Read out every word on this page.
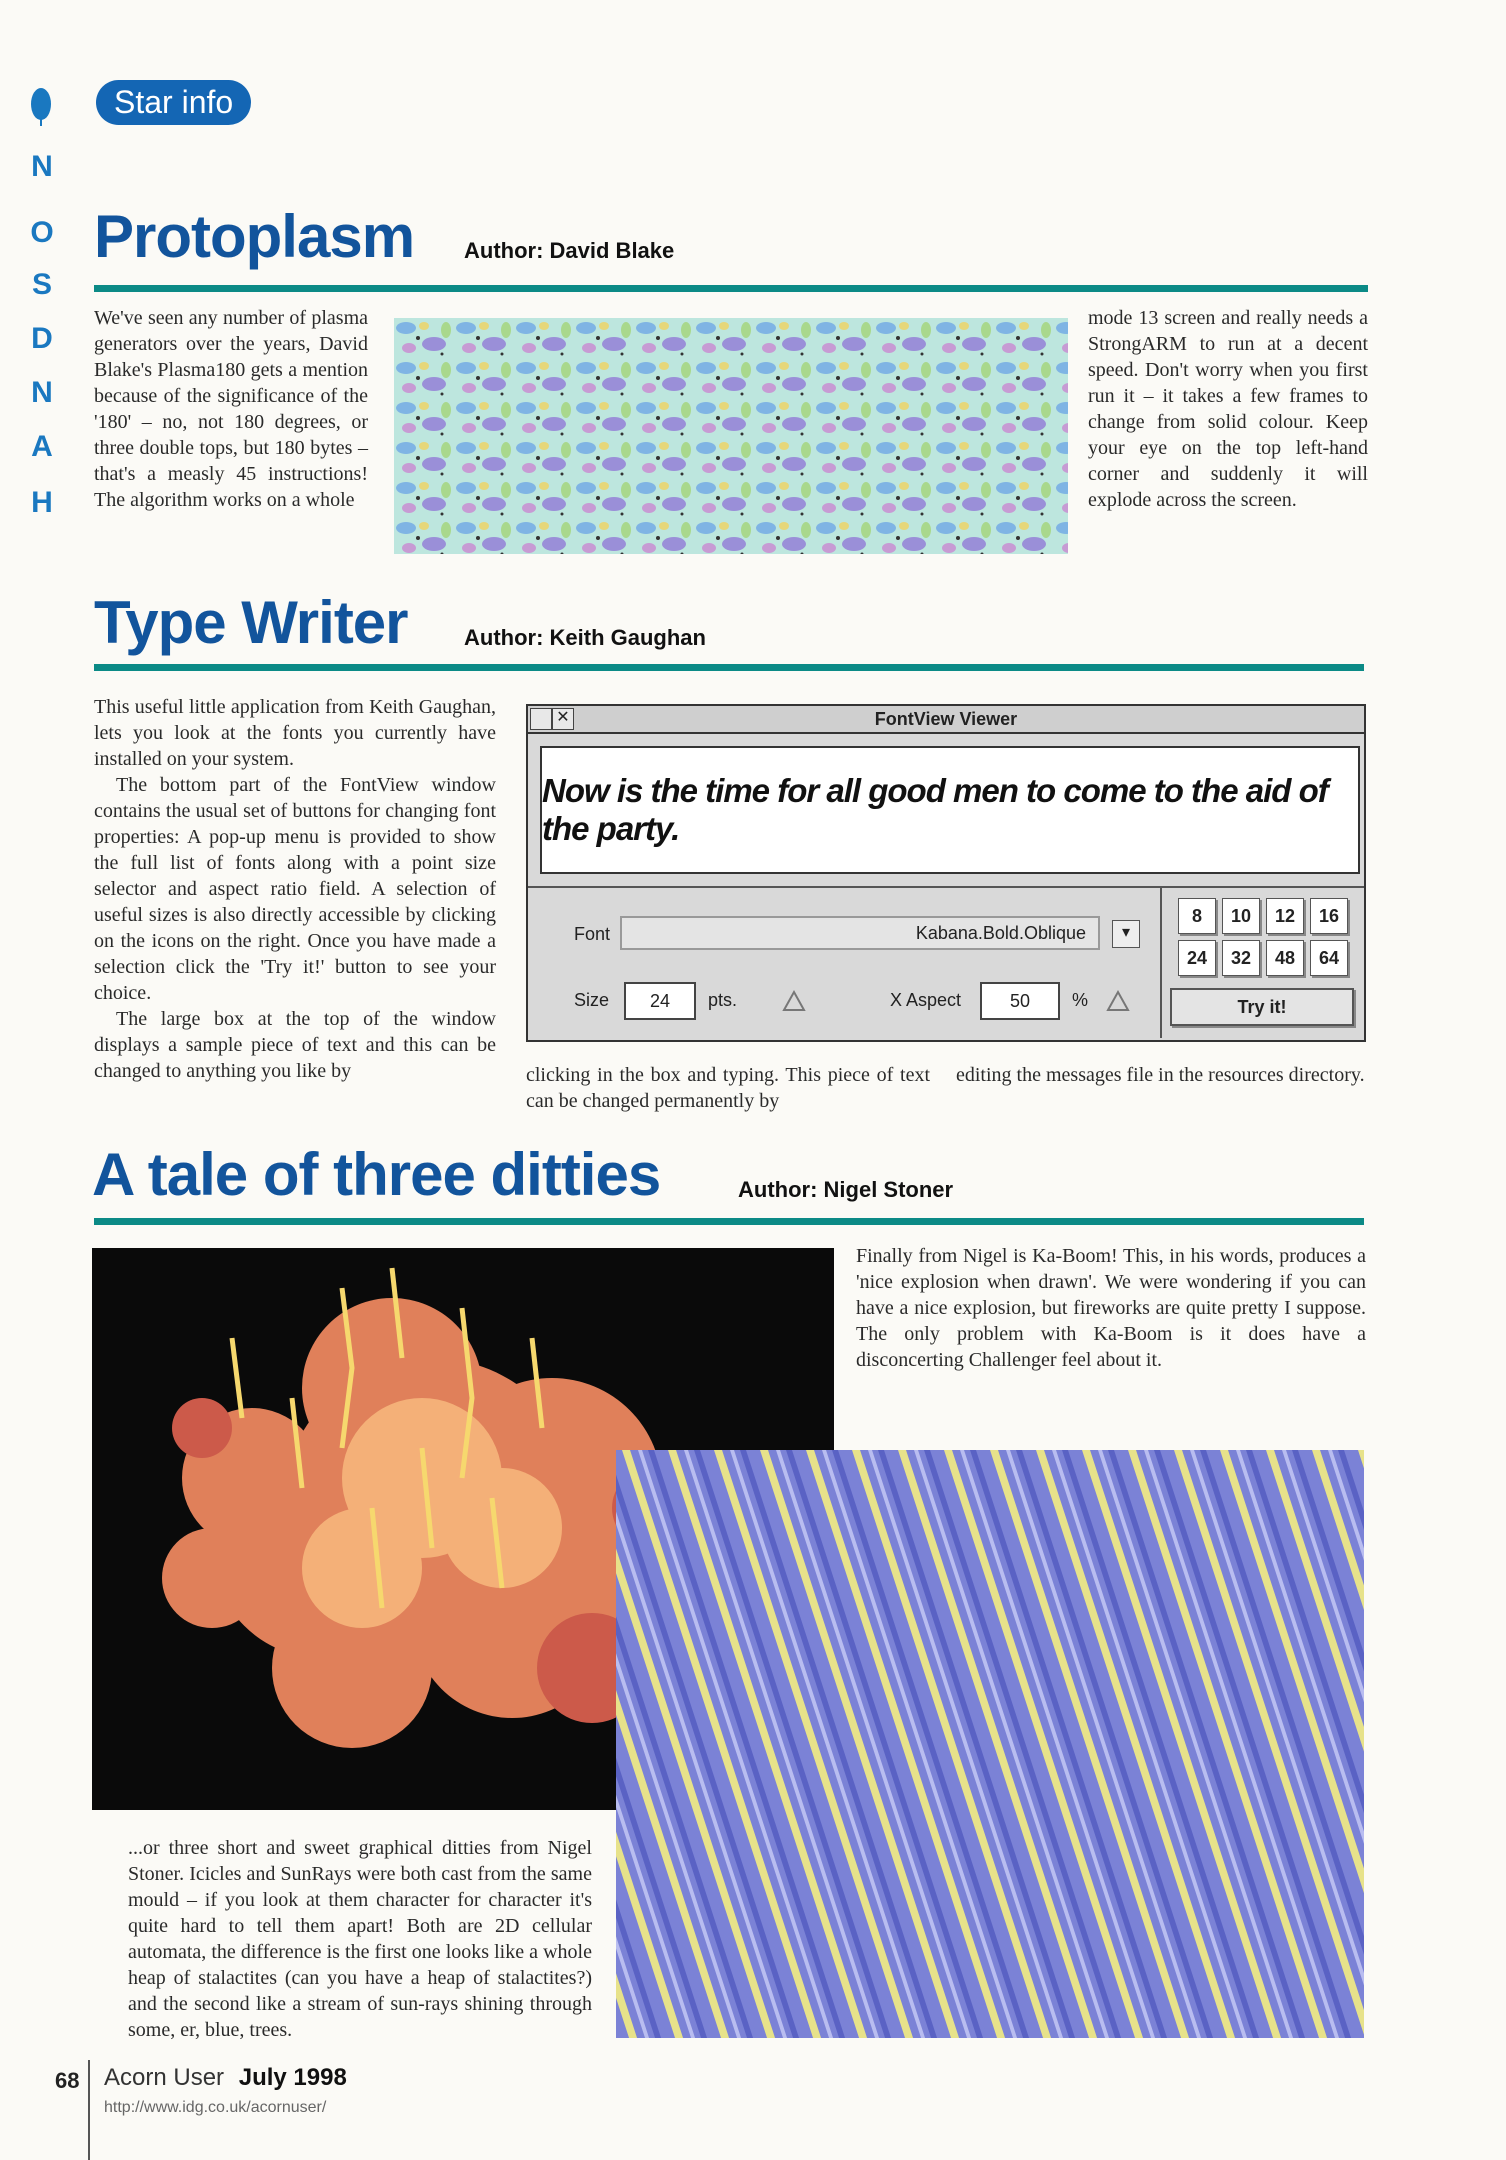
N
O
D
N
A
H
S
Star info
Protoplasm Author: David Blake
We've seen any number of plasma generators over the years, David Blake's Plasma180 gets a mention because of the significance of the '180' – no, not 180 degrees, or three double tops, but 180 bytes – that's a measly 45 instructions! The algorithm works on a whole
mode 13 screen and really needs a StrongARM to run at a decent speed. Don't worry when you first run it – it takes a few frames to change from solid colour. Keep your eye on the top left-hand corner and suddenly it will explode across the screen.
Type Writer	Author: Keith Gaughan
This useful little application from Keith Gaughan, lets you look at the fonts you currently have installed on your system.
The bottom part of the FontView window contains the usual set of buttons for changing font properties: A pop-up menu is provided to show the full list of fonts along with a point size selector and aspect ratio field. A selection of useful sizes is also directly accessible by clicking on the icons on the right. Once you have made a selection click the 'Try it!' button to see your choice.
The large box at the top of the window displays a sample piece of text and this can be changed to anything you like by
✕	FontView Viewer
Now is the time for all good men to come to the aid of the party.
Font	Kabana.Bold.Oblique	▾
Size	24	pts.	X Aspect	50	%
8	10	12	16
24	32	48	64
Try it!
clicking in the box and typing. This piece of text can be changed permanently by
editing the messages file in the resources directory.
A tale of three ditties	Author: Nigel Stoner
Finally from Nigel is Ka-Boom! This, in his words, produces a 'nice explosion when drawn'. We were wondering if you can have a nice explosion, but fireworks are quite pretty I suppose. The only problem with Ka-Boom is it does have a disconcerting Challenger feel about it.
...or three short and sweet graphical ditties from Nigel Stoner. Icicles and SunRays were both cast from the same mould – if you look at them character for character it's quite hard to tell them apart! Both are 2D cellular automata, the difference is the first one looks like a whole heap of stalactites (can you have a heap of stalactites?) and the second like a stream of sun-rays shining through some, er, blue, trees.
68 Acorn User July 1998
http://www.idg.co.uk/acornuser/
